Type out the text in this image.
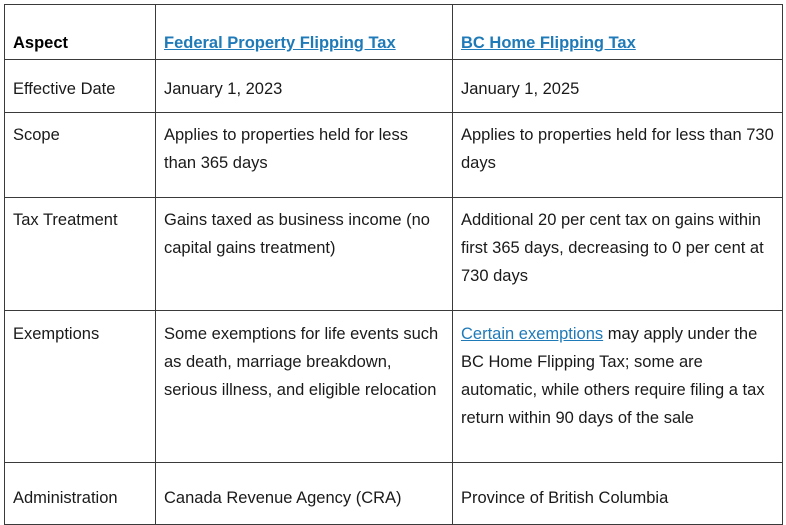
Aspect	Federal Property Flipping Tax	BC Home Flipping Tax
Effective Date	January 1, 2023	January 1, 2025
Scope	Applies to properties held for less than 365 days	Applies to properties held for less than 730 days
Tax Treatment	Gains taxed as business income (no capital gains treatment)	Additional 20 per cent tax on gains within first 365 days, decreasing to 0 per cent at 730 days
Exemptions	Some exemptions for life events such as death, marriage breakdown, serious illness, and eligible relocation	Certain exemptions may apply under the BC Home Flipping Tax; some are automatic, while others require filing a tax return within 90 days of the sale
Administration	Canada Revenue Agency (CRA)	Province of British Columbia
